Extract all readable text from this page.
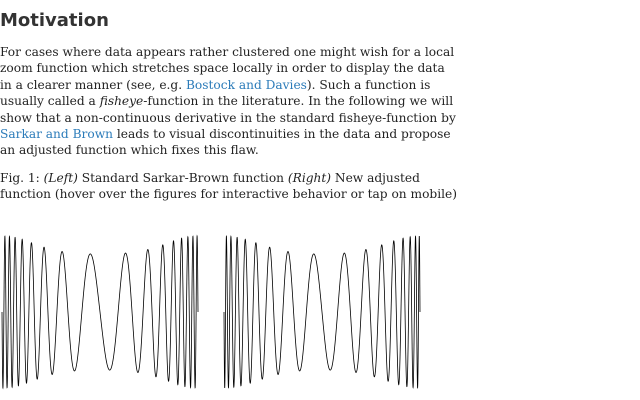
Motivation

For cases where data appears rather clustered one might wish for a local
zoom function which stretches space locally in order to display the data
in a clearer manner (see, e.g. Bostock and Davies). Such a function is
usually called a fisheye-function in the literature. In the following we will
show that a non-continuous derivative in the standard fisheye-function by
Sarkar and Brown leads to visual discontinuities in the data and propose
an adjusted function which fixes this flaw.

Fig. 1: (Left) Standard Sarkar-Brown function (Right) New adjusted
function (hover over the figures for interactive behavior or tap on mobile)
